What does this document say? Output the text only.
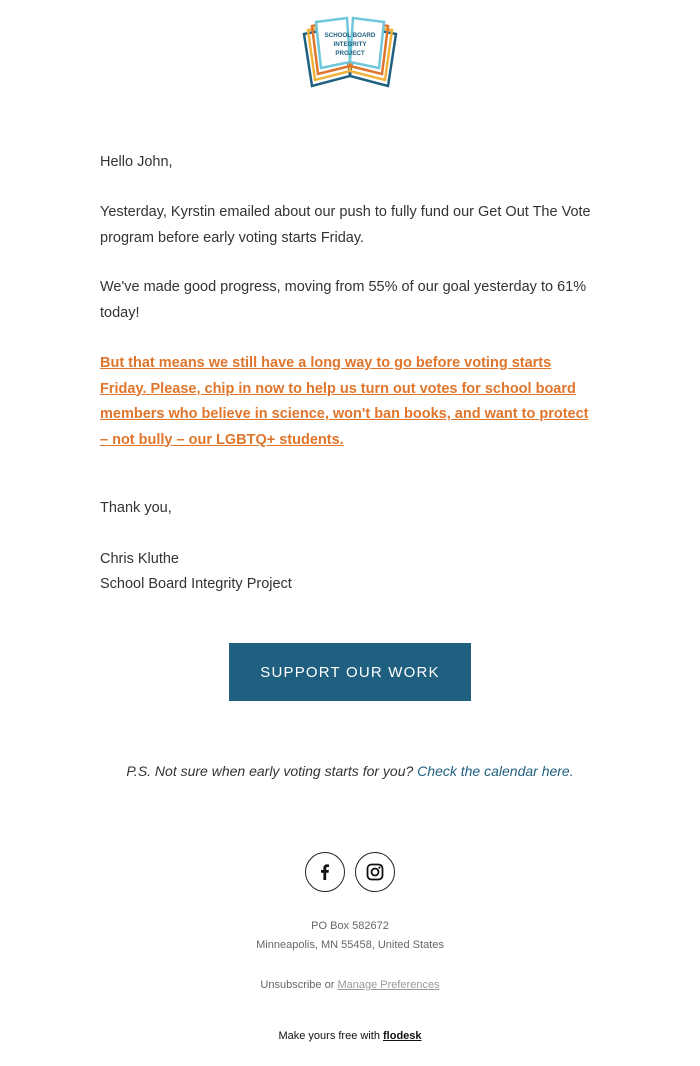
SCHOOL BOARD
INTEGRITY
PROJECT

Hello John,

Yesterday, Kyrstin emailed about our push to fully fund our Get Out The Vote program before early voting starts Friday.

We've made good progress, moving from 55% of our goal yesterday to 61% today!

But that means we still have a long way to go before voting starts Friday. Please, chip in now to help us turn out votes for school board members who believe in science, won't ban books, and want to protect – not bully – our LGBTQ+ students.

Thank you,

Chris Kluthe

School Board Integrity Project

SUPPORT OUR WORK
P.S. Not sure when early voting starts for you? Check the calendar here.
PO Box 582672
Minneapolis, MN 55458, United States
Unsubscribe or Manage Preferences
Make yours free with flodesk
